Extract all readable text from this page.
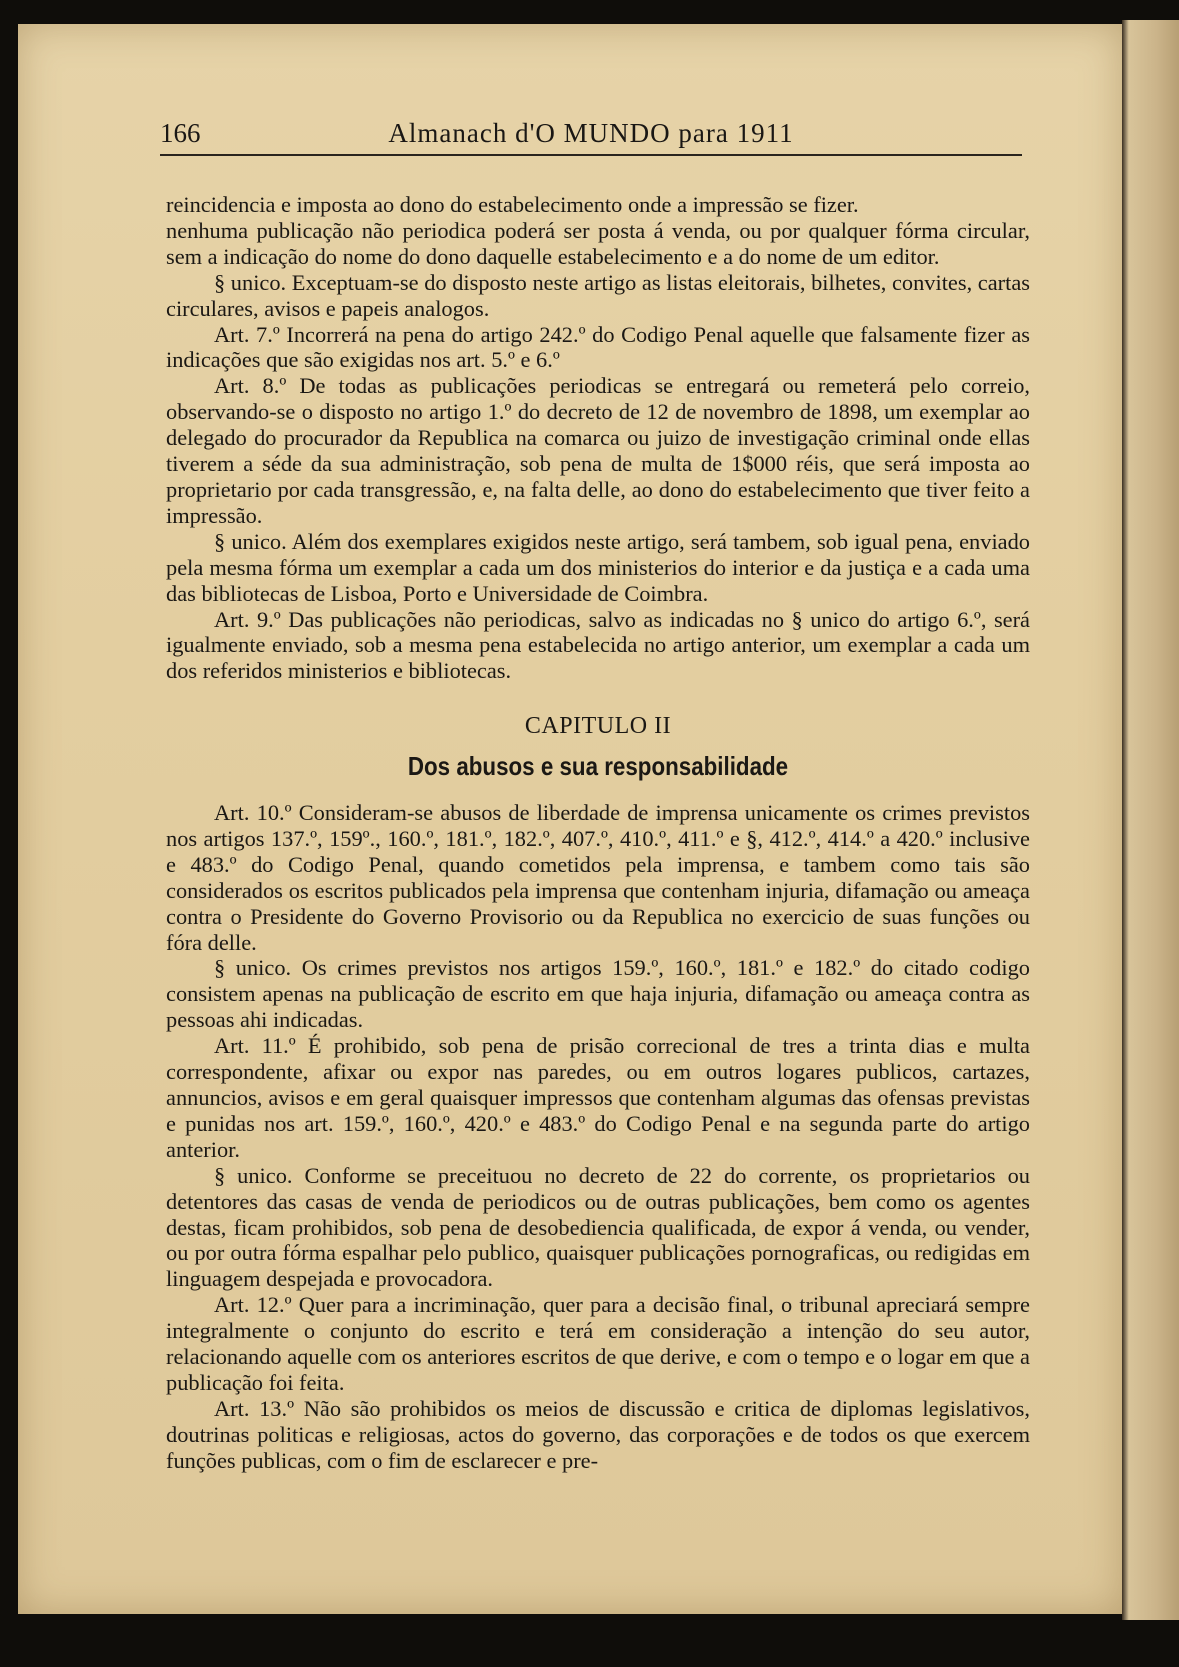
166	Almanach d'O MUNDO para 1911

reincidencia e imposta ao dono do estabelecimento onde a impressão se fizer.

nenhuma publicação não periodica poderá ser posta á venda, ou por qualquer fórma circular, sem a indicação do nome do dono daquelle estabelecimento e a do nome de um editor.

§ unico. Exceptuam-se do disposto neste artigo as listas eleitorais, bilhetes, convites, cartas circulares, avisos e papeis analogos.

Art. 7.º Incorrerá na pena do artigo 242.º do Codigo Penal aquelle que falsamente fizer as indicações que são exigidas nos art. 5.º e 6.º

Art. 8.º De todas as publicações periodicas se entregará ou remeterá pelo correio, observando-se o disposto no artigo 1.º do decreto de 12 de novembro de 1898, um exemplar ao delegado do procurador da Republica na comarca ou juizo de investigação criminal onde ellas tiverem a séde da sua administração, sob pena de multa de 1$000 réis, que será imposta ao proprietario por cada transgressão, e, na falta delle, ao dono do estabelecimento que tiver feito a impressão.

§ unico. Além dos exemplares exigidos neste artigo, será tambem, sob igual pena, enviado pela mesma fórma um exemplar a cada um dos ministerios do interior e da justiça e a cada uma das bibliotecas de Lisboa, Porto e Universidade de Coimbra.

Art. 9.º Das publicações não periodicas, salvo as indicadas no § unico do artigo 6.º, será igualmente enviado, sob a mesma pena estabelecida no artigo anterior, um exemplar a cada um dos referidos ministerios e bibliotecas.

CAPITULO II
Dos abusos e sua responsabilidade

Art. 10.º Consideram-se abusos de liberdade de imprensa unicamente os crimes previstos nos artigos 137.º, 159º., 160.º, 181.º, 182.º, 407.º, 410.º, 411.º e §, 412.º, 414.º a 420.º inclusive e 483.º do Codigo Penal, quando cometidos pela imprensa, e tambem como tais são considerados os escritos publicados pela imprensa que contenham injuria, difamação ou ameaça contra o Presidente do Governo Provisorio ou da Republica no exercicio de suas funções ou fóra delle.

§ unico. Os crimes previstos nos artigos 159.º, 160.º, 181.º e 182.º do citado codigo consistem apenas na publicação de escrito em que haja injuria, difamação ou ameaça contra as pessoas ahi indicadas.

Art. 11.º É prohibido, sob pena de prisão correcional de tres a trinta dias e multa correspondente, afixar ou expor nas paredes, ou em outros logares publicos, cartazes, annuncios, avisos e em geral quaisquer impressos que contenham algumas das ofensas previstas e punidas nos art. 159.º, 160.º, 420.º e 483.º do Codigo Penal e na segunda parte do artigo anterior.

§ unico. Conforme se preceituou no decreto de 22 do corrente, os proprietarios ou detentores das casas de venda de periodicos ou de outras publicações, bem como os agentes destas, ficam prohibidos, sob pena de desobediencia qualificada, de expor á venda, ou vender, ou por outra fórma espalhar pelo publico, quaisquer publicações pornograficas, ou redigidas em linguagem despejada e provocadora.

Art. 12.º Quer para a incriminação, quer para a decisão final, o tribunal apreciará sempre integralmente o conjunto do escrito e terá em consideração a intenção do seu autor, relacionando aquelle com os anteriores escritos de que derive, e com o tempo e o logar em que a publicação foi feita.

Art. 13.º Não são prohibidos os meios de discussão e critica de diplomas legislativos, doutrinas politicas e religiosas, actos do governo, das corporações e de todos os que exercem funções publicas, com o fim de esclarecer e pre-
